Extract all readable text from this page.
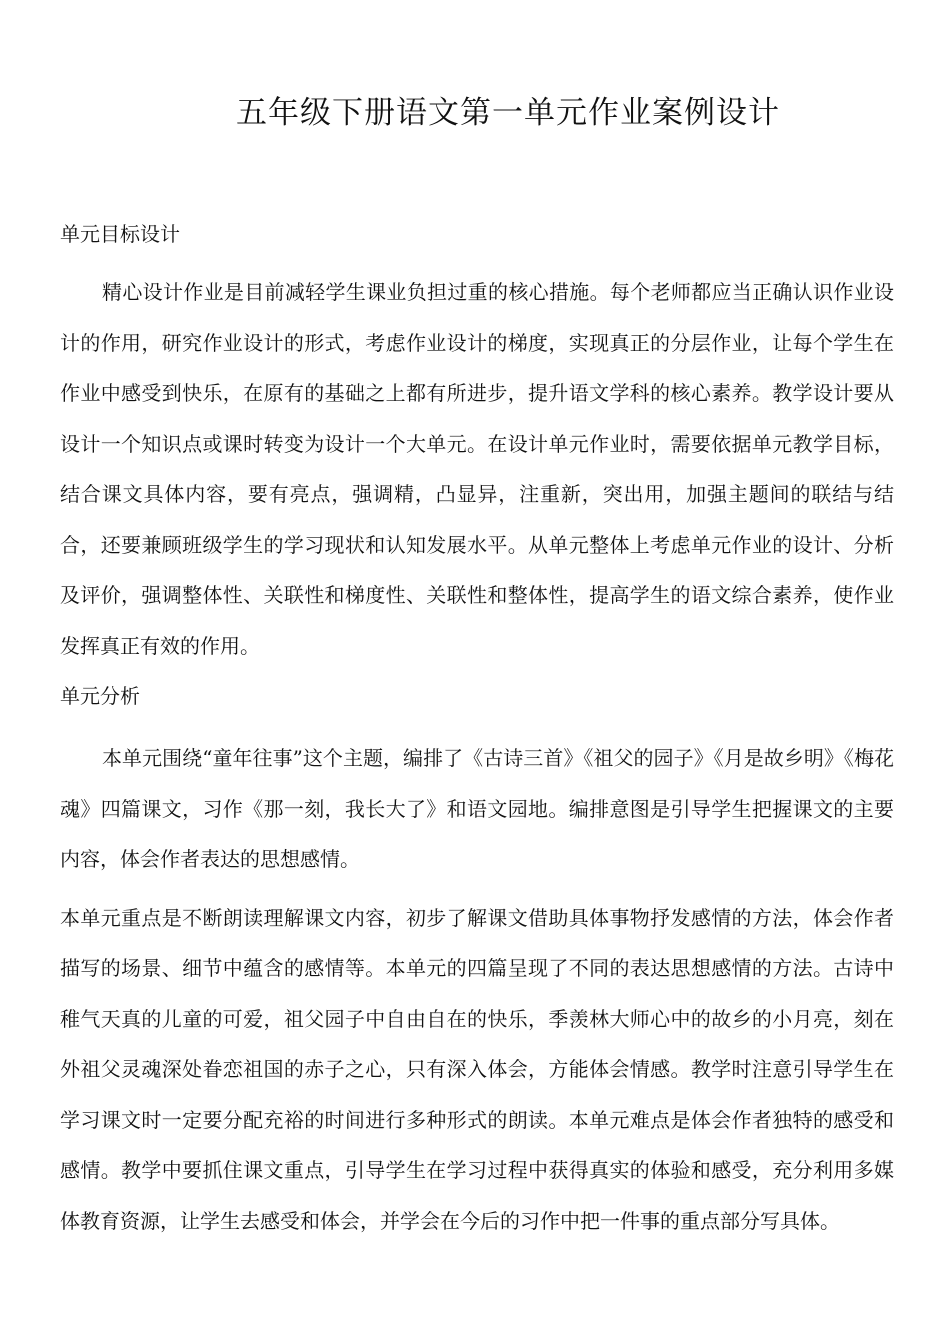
五年级下册语文第一单元作业案例设计
单元目标设计

精心设计作业是目前减轻学生课业负担过重的核心措施。每个老师都应当正确认识作业设计的作用，研究作业设计的形式，考虑作业设计的梯度，实现真正的分层作业，让每个学生在作业中感受到快乐，在原有的基础之上都有所进步，提升语文学科的核心素养。教学设计要从设计一个知识点或课时转变为设计一个大单元。在设计单元作业时，需要依据单元教学目标，结合课文具体内容，要有亮点，强调精，凸显异，注重新，突出用，加强主题间的联结与结合，还要兼顾班级学生的学习现状和认知发展水平。从单元整体上考虑单元作业的设计、分析及评价，强调整体性、关联性和梯度性、关联性和整体性，提高学生的语文综合素养，使作业发挥真正有效的作用。

单元分析

本单元围绕“童年往事”这个主题，编排了《古诗三首》《祖父的园子》《月是故乡明》《梅花魂》四篇课文，习作《那一刻，我长大了》和语文园地。编排意图是引导学生把握课文的主要内容，体会作者表达的思想感情。

本单元重点是不断朗读理解课文内容，初步了解课文借助具体事物抒发感情的方法，体会作者描写的场景、细节中蕴含的感情等。本单元的四篇呈现了不同的表达思想感情的方法。古诗中稚气天真的儿童的可爱，祖父园子中自由自在的快乐，季羡林大师心中的故乡的小月亮，刻在外祖父灵魂深处眷恋祖国的赤子之心，只有深入体会，方能体会情感。教学时注意引导学生在学习课文时一定要分配充裕的时间进行多种形式的朗读。本单元难点是体会作者独特的感受和感情。教学中要抓住课文重点，引导学生在学习过程中获得真实的体验和感受，充分利用多媒体教育资源，让学生去感受和体会，并学会在今后的习作中把一件事的重点部分写具体。
